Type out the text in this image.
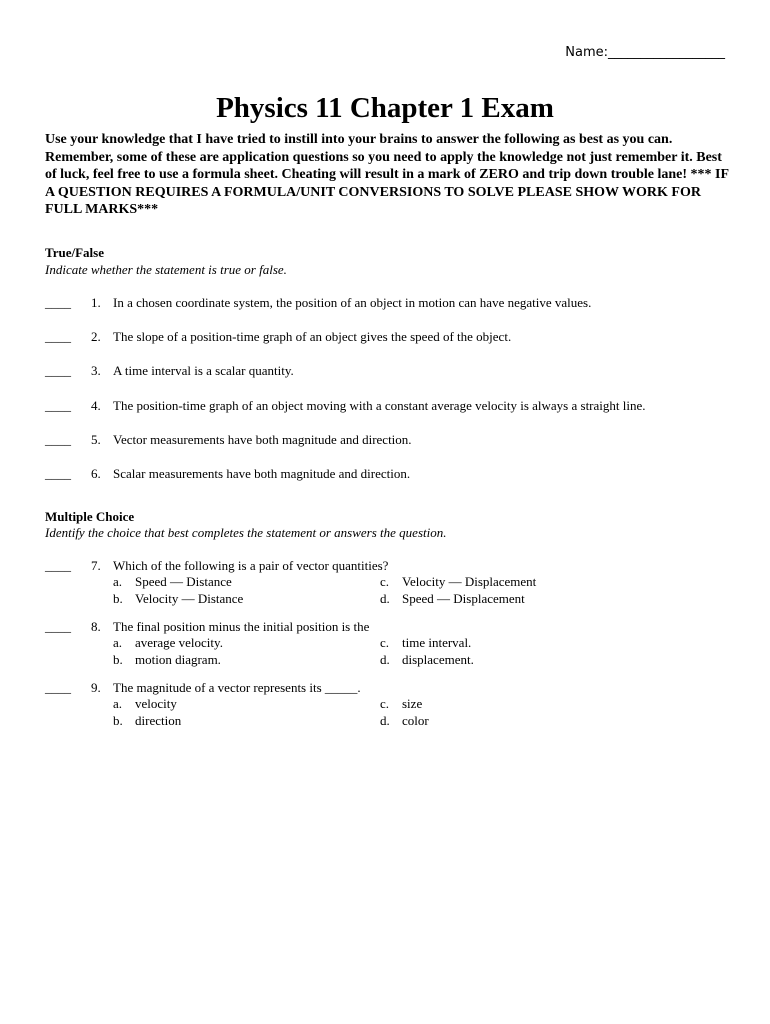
Name:__________________
Physics 11 Chapter 1 Exam

Use your knowledge that I have tried to instill into your brains to answer the following as best as you can. Remember, some of these are application questions so you need to apply the knowledge not just remember it. Best of luck, feel free to use a formula sheet. Cheating will result in a mark of ZERO and trip down trouble lane! *** IF A QUESTION REQUIRES A FORMULA/UNIT CONVERSIONS TO SOLVE PLEASE SHOW WORK FOR FULL MARKS***

True/False
Indicate whether the statement is true or false.
____ 1. In a chosen coordinate system, the position of an object in motion can have negative values.
____ 2. The slope of a position-time graph of an object gives the speed of the object.
____ 3. A time interval is a scalar quantity.
____ 4. The position-time graph of an object moving with a constant average velocity is always a straight line.
____ 5. Vector measurements have both magnitude and direction.
____ 6. Scalar measurements have both magnitude and direction.
Multiple Choice
Identify the choice that best completes the statement or answers the question.
____ 7. Which of the following is a pair of vector quantities?
a. Speed — Distance
b. Velocity — Distance
c. Velocity — Displacement
d. Speed — Displacement
____ 8. The final position minus the initial position is the
a. average velocity.
b. motion diagram.
c. time interval.
d. displacement.
____ 9. The magnitude of a vector represents its _____.
a. velocity
b. direction
c. size
d. color
